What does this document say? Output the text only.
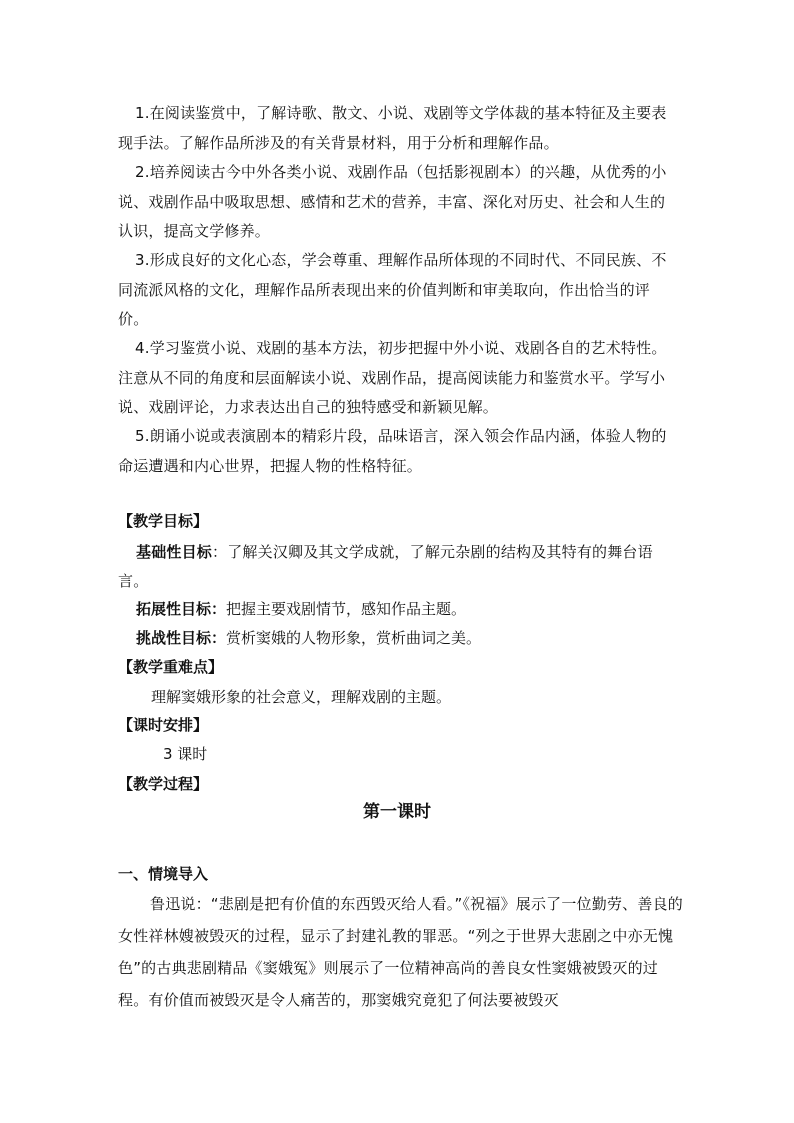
1.在阅读鉴赏中，了解诗歌、散文、小说、戏剧等文学体裁的基本特征及主要表现手法。了解作品所涉及的有关背景材料，用于分析和理解作品。

2.培养阅读古今中外各类小说、戏剧作品（包括影视剧本）的兴趣，从优秀的小说、戏剧作品中吸取思想、感情和艺术的营养，丰富、深化对历史、社会和人生的认识，提高文学修养。

3.形成良好的文化心态，学会尊重、理解作品所体现的不同时代、不同民族、不同流派风格的文化，理解作品所表现出来的价值判断和审美取向，作出恰当的评价。

4.学习鉴赏小说、戏剧的基本方法，初步把握中外小说、戏剧各自的艺术特性。注意从不同的角度和层面解读小说、戏剧作品，提高阅读能力和鉴赏水平。学写小说、戏剧评论，力求表达出自己的独特感受和新颖见解。

5.朗诵小说或表演剧本的精彩片段，品味语言，深入领会作品内涵，体验人物的命运遭遇和内心世界，把握人物的性格特征。

【教学目标】

基础性目标：了解关汉卿及其文学成就，了解元杂剧的结构及其特有的舞台语言。

拓展性目标：把握主要戏剧情节，感知作品主题。

挑战性目标：赏析窦娥的人物形象，赏析曲词之美。

【教学重难点】

理解窦娥形象的社会意义，理解戏剧的主题。

【课时安排】

3 课时

【教学过程】

第一课时

一、情境导入

鲁迅说：“悲剧是把有价值的东西毁灭给人看。”《祝福》展示了一位勤劳、善良的女性祥林嫂被毁灭的过程，显示了封建礼教的罪恶。“列之于世界大悲剧之中亦无愧色”的古典悲剧精品《窦娥冤》则展示了一位精神高尚的善良女性窦娥被毁灭的过程。有价值而被毁灭是令人痛苦的，那窦娥究竟犯了何法要被毁灭
